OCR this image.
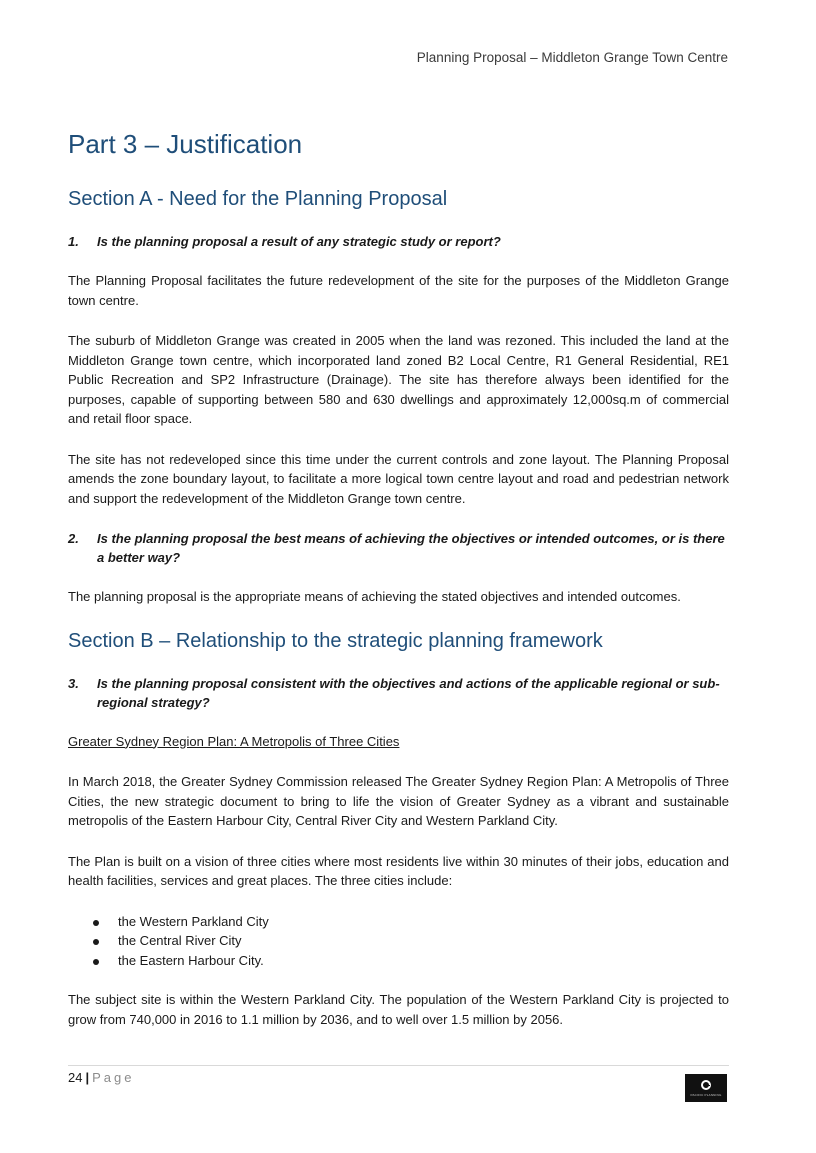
Planning Proposal – Middleton Grange Town Centre
Part 3 – Justification
Section A - Need for the Planning Proposal
1.	Is the planning proposal a result of any strategic study or report?

The Planning Proposal facilitates the future redevelopment of the site for the purposes of the Middleton Grange town centre.

The suburb of Middleton Grange was created in 2005 when the land was rezoned. This included the land at the Middleton Grange town centre, which incorporated land zoned B2 Local Centre, R1 General Residential, RE1 Public Recreation and SP2 Infrastructure (Drainage). The site has therefore always been identified for the purposes, capable of supporting between 580 and 630 dwellings and approximately 12,000sq.m of commercial and retail floor space.

The site has not redeveloped since this time under the current controls and zone layout. The Planning Proposal amends the zone boundary layout, to facilitate a more logical town centre layout and road and pedestrian network and support the redevelopment of the Middleton Grange town centre.

2.	Is the planning proposal the best means of achieving the objectives or intended outcomes, or is there a better way?

The planning proposal is the appropriate means of achieving the stated objectives and intended outcomes.

Section B – Relationship to the strategic planning framework
3.	Is the planning proposal consistent with the objectives and actions of the applicable regional or sub-regional strategy?
Greater Sydney Region Plan: A Metropolis of Three Cities

In March 2018, the Greater Sydney Commission released The Greater Sydney Region Plan: A Metropolis of Three Cities, the new strategic document to bring to life the vision of Greater Sydney as a vibrant and sustainable metropolis of the Eastern Harbour City, Central River City and Western Parkland City.

The Plan is built on a vision of three cities where most residents live within 30 minutes of their jobs, education and health facilities, services and great places. The three cities include:

the Western Parkland City
the Central River City
the Eastern Harbour City.

The subject site is within the Western Parkland City. The population of the Western Parkland City is projected to grow from 740,000 in 2016 to 1.1 million by 2036, and to well over 1.5 million by 2056.

24 | Page
PACIFIC PLANNING
